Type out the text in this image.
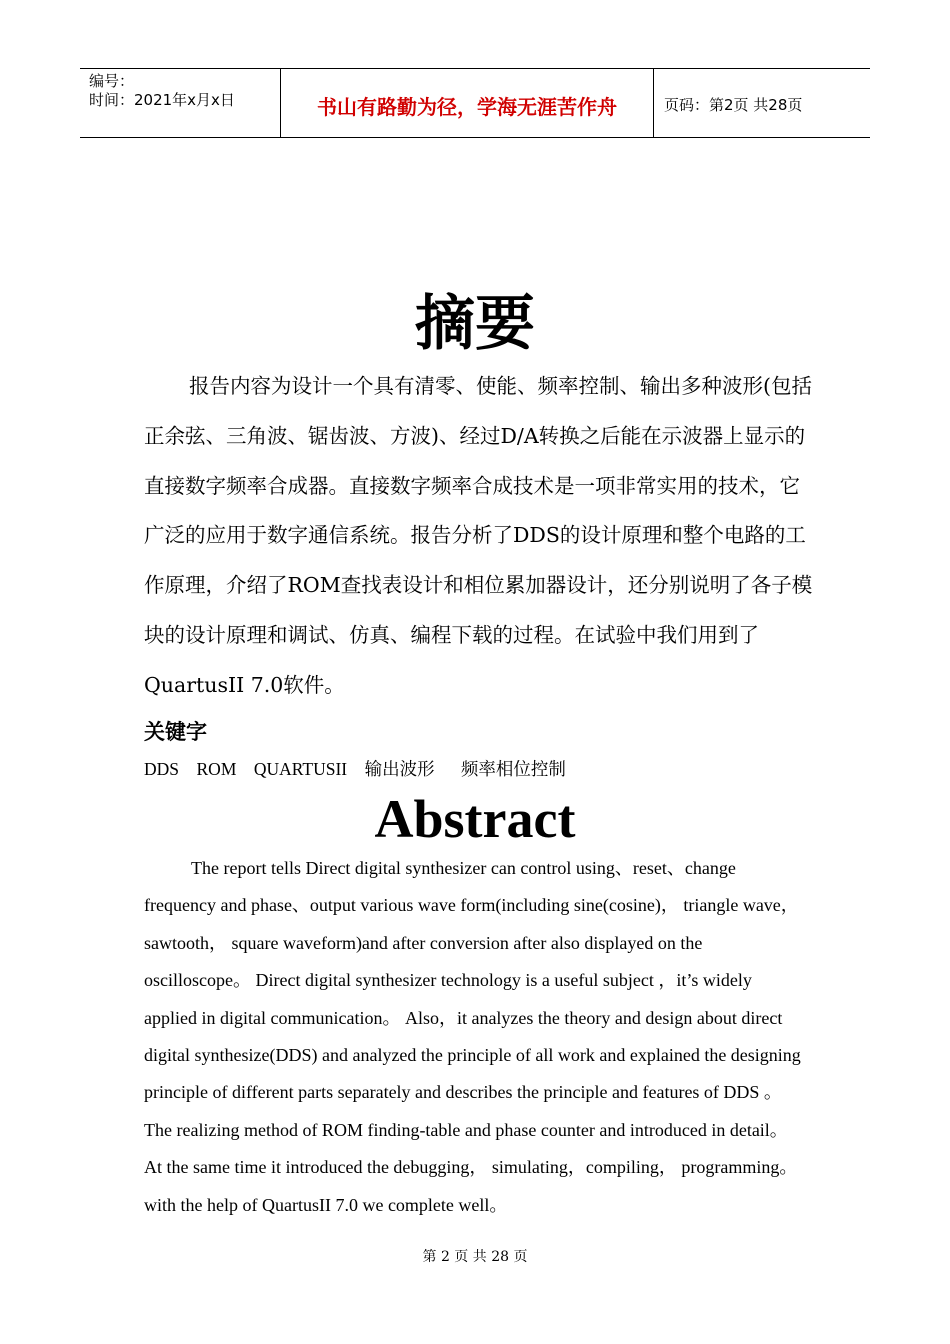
编号：
时间：2021年x月x日	书山有路勤为径，学海无涯苦作舟	页码：第2页 共28页
摘要

报告内容为设计一个具有清零、使能、频率控制、输出多种波形(包括正余弦、三角波、锯齿波、方波)、经过D/A转换之后能在示波器上显示的直接数字频率合成器。直接数字频率合成技术是一项非常实用的技术，它广泛的应用于数字通信系统。报告分析了DDS的设计原理和整个电路的工作原理，介绍了ROM查找表设计和相位累加器设计，还分别说明了各子模块的设计原理和调试、仿真、编程下载的过程。在试验中我们用到了QuartusII 7.0软件。

关键字
DDS    ROM    QUARTUSII    输出波形      频率相位控制
Abstract

The report tells Direct digital synthesizer can control using、reset、change frequency and phase、output various wave form(including sine(cosine)， triangle wave， sawtooth， square waveform)and after conversion after also displayed on the oscilloscope。 Direct digital synthesizer technology is a useful subject ，it’s widely applied in digital communication。 Also，it analyzes the theory and design about direct digital synthesize(DDS) and analyzed the principle of all work and explained the designing principle of different parts separately and describes the principle and features of DDS 。The realizing method of ROM finding-table and phase counter and introduced in detail。 At the same time it introduced the debugging， simulating，compiling， programming。 with the help of QuartusII 7.0 we complete well。

第 2 页 共 28 页
